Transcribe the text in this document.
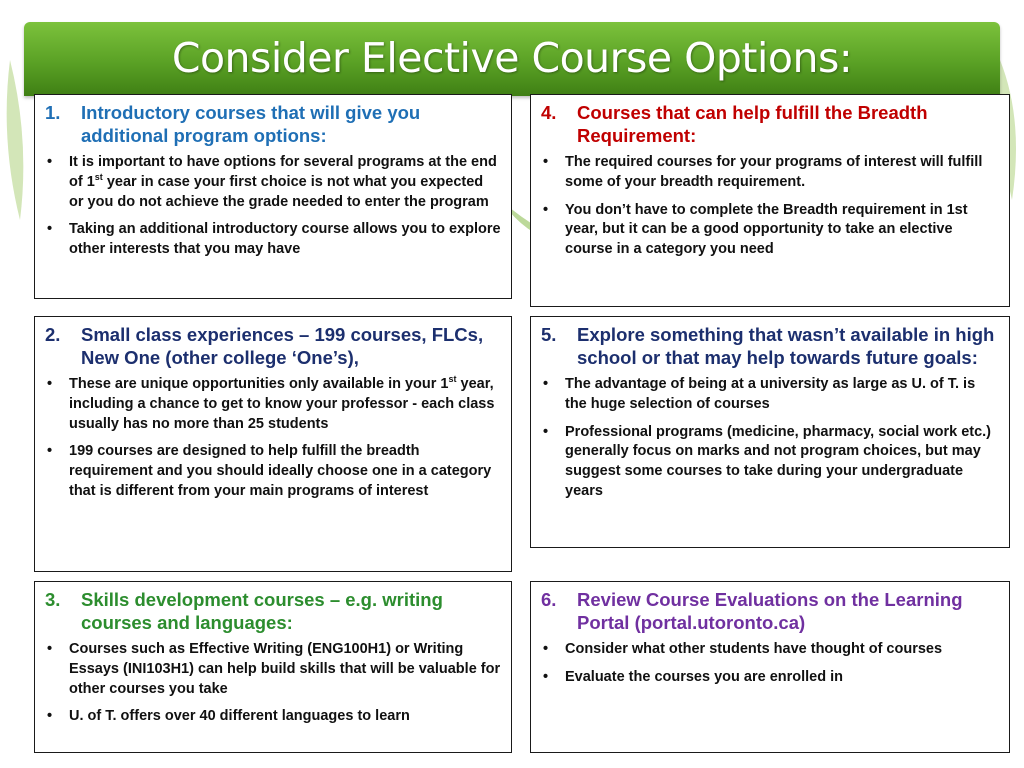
Consider Elective Course Options:
1.	Introductory courses that will give you additional program options:
• It is important to have options for several programs at the end of 1st year in case your first choice is not what you expected or you do not achieve the grade needed to enter the program
• Taking an additional introductory course allows you to explore other interests that you may have
4.	Courses that can help fulfill the Breadth Requirement:
• The required courses for your programs of interest will fulfill some of your breadth requirement.
• You don’t have to complete the Breadth requirement in 1st year, but it can be a good opportunity to take an elective course in a category you need
2.	Small class experiences – 199 courses, FLCs, New One (other college ‘One’s),
• These are unique opportunities only available in your 1st year, including a chance to get to know your professor - each class usually has no more than 25 students
• 199 courses are designed to help fulfill the breadth requirement and you should ideally choose one in a category that is different from your main programs of interest
5.	Explore something that wasn’t available in high school or that may help towards future goals:
• The advantage of being at a university as large as U. of T. is the huge selection of courses
• Professional programs (medicine, pharmacy, social work etc.) generally focus on marks and not program choices, but may suggest some courses to take during your undergraduate years
3.	Skills development courses – e.g. writing courses and languages:
• Courses such as Effective Writing (ENG100H1) or Writing Essays (INI103H1) can help build skills that will be valuable for other courses you take
• U. of T. offers over 40 different languages to learn
6.	Review Course Evaluations on the Learning Portal (portal.utoronto.ca)
• Consider what other students have thought of courses
• Evaluate the courses you are enrolled in
